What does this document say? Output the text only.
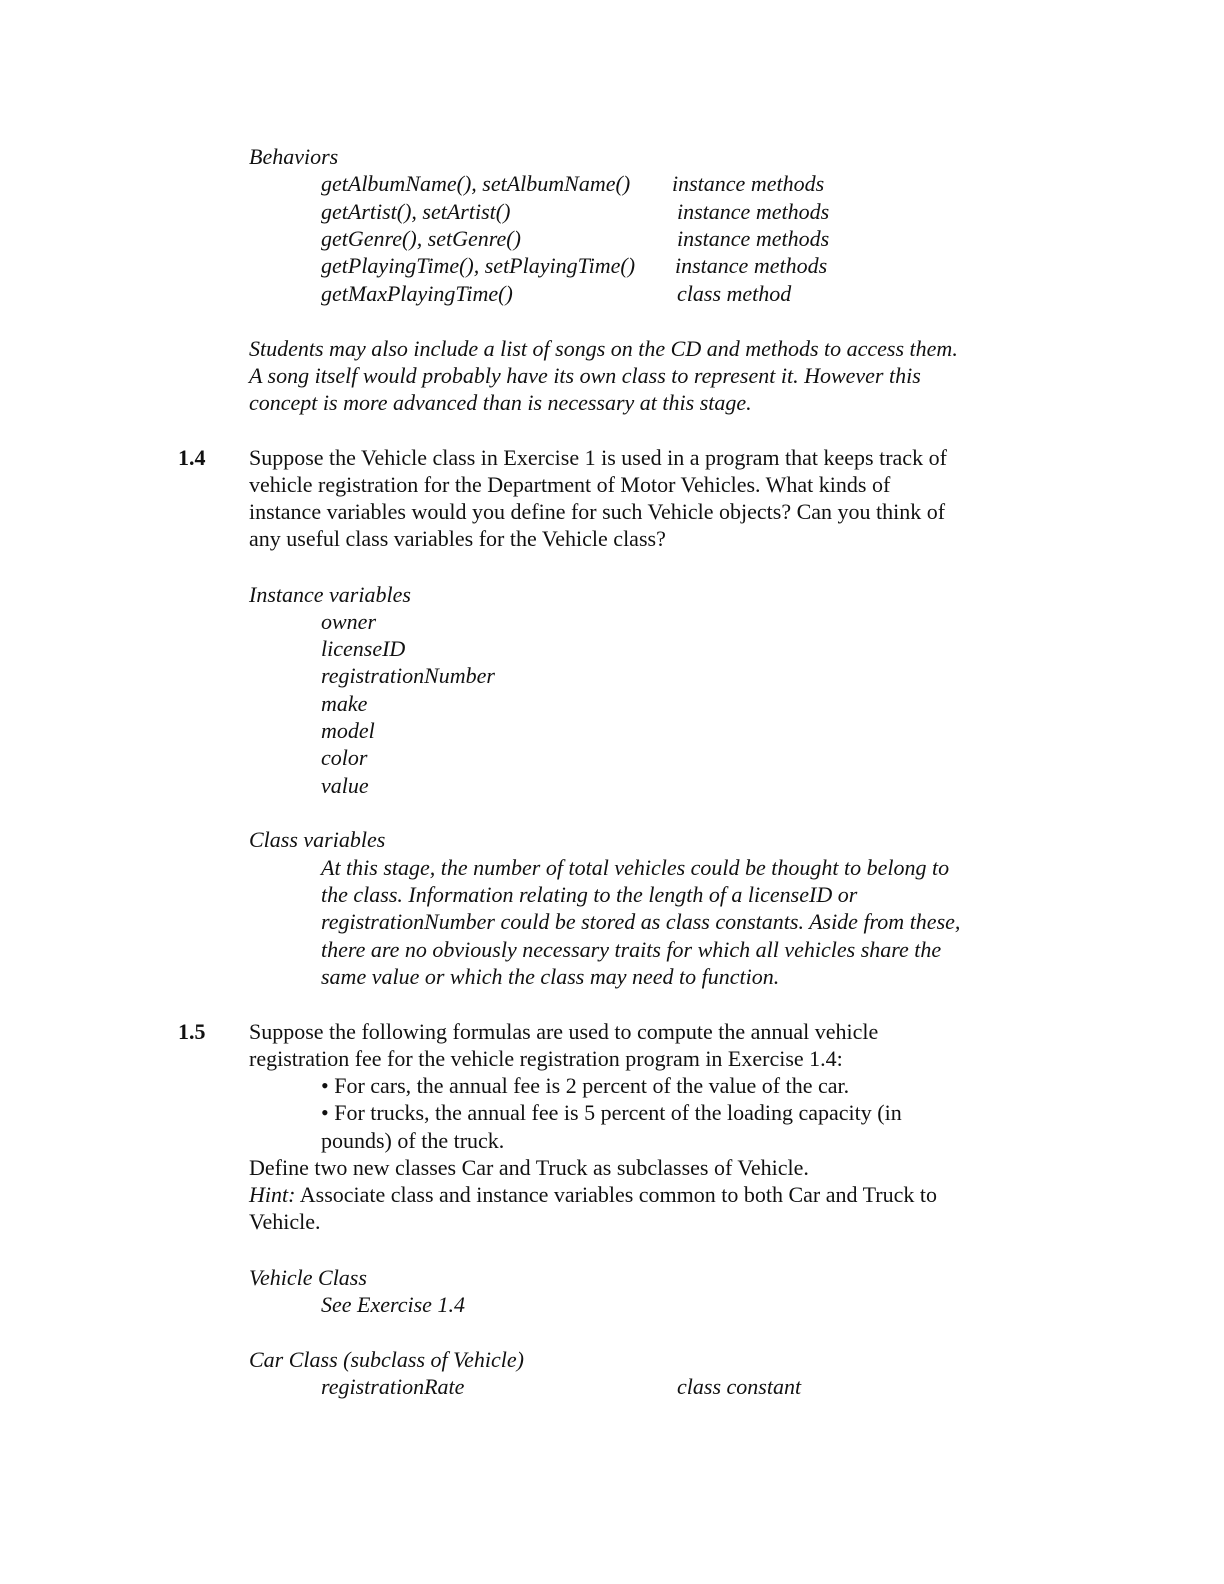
Behaviors
getAlbumName(), setAlbumName() instance methods
getArtist(), setArtist()	instance methods
getGenre(), setGenre()	instance methods
getPlayingTime(), setPlayingTime() instance methods
getMaxPlayingTime()	class method
Students may also include a list of songs on the CD and methods to access them.
A song itself would probably have its own class to represent it. However this
concept is more advanced than is necessary at this stage.
1.4 Suppose the Vehicle class in Exercise 1 is used in a program that keeps track of
vehicle registration for the Department of Motor Vehicles. What kinds of
instance variables would you define for such Vehicle objects? Can you think of
any useful class variables for the Vehicle class?
Instance variables
owner
licenseID
registrationNumber
make
model
color
value
Class variables
At this stage, the number of total vehicles could be thought to belong to
the class. Information relating to the length of a licenseID or
registrationNumber could be stored as class constants. Aside from these,
there are no obviously necessary traits for which all vehicles share the
same value or which the class may need to function.
1.5 Suppose the following formulas are used to compute the annual vehicle
registration fee for the vehicle registration program in Exercise 1.4:
• For cars, the annual fee is 2 percent of the value of the car.
• For trucks, the annual fee is 5 percent of the loading capacity (in
pounds) of the truck.
Define two new classes Car and Truck as subclasses of Vehicle.
Hint: Associate class and instance variables common to both Car and Truck to
Vehicle.
Vehicle Class
See Exercise 1.4
Car Class (subclass of Vehicle)
registrationRate	class constant
